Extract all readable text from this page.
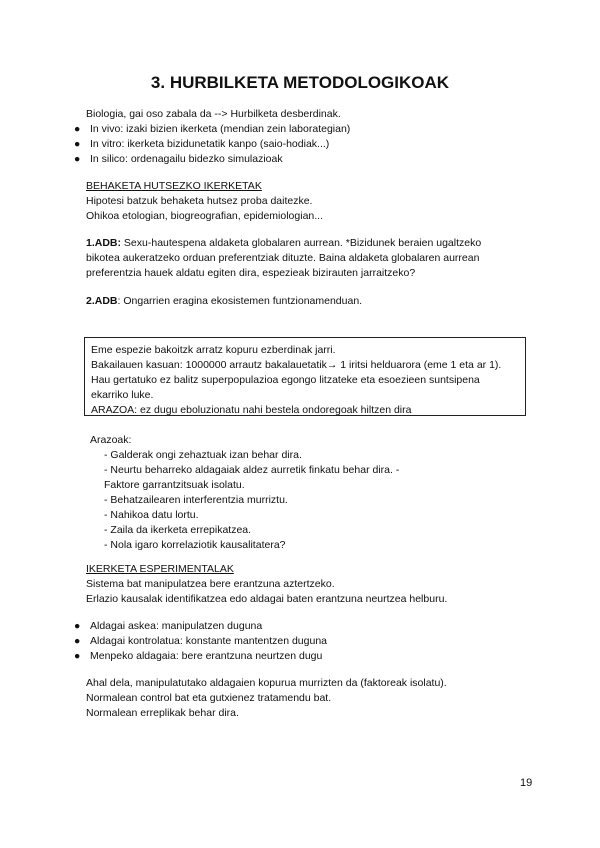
3. HURBILKETA METODOLOGIKOAK
Biologia, gai oso zabala da --> Hurbilketa desberdinak.
● In vivo: izaki bizien ikerketa (mendian zein laborategian)
● In vitro: ikerketa bizidunetatik kanpo (saio-hodiak...)
● In silico: ordenagailu bidezko simulazioak
BEHAKETA HUTSEZKO IKERKETAK
Hipotesi batzuk behaketa hutsez proba daitezke.
Ohikoa etologian, biogreografian, epidemiologian...
1.ADB: Sexu-hautespena aldaketa globalaren aurrean. *Bizidunek beraien ugaltzeko
bikotea aukeratzeko orduan preferentziak dituzte. Baina aldaketa globalaren aurrean
preferentzia hauek aldatu egiten dira, espezieak bizirauten jarraitzeko?
2.ADB: Ongarrien eragina ekosistemen funtzionamenduan.
Eme espezie bakoitzk arratz kopuru ezberdinak jarri.
Bakailauen kasuan: 1000000 arrautz bakalauetatik→ 1 iritsi helduarora (eme 1 eta ar 1).
Hau gertatuko ez balitz superpopulazioa egongo litzateke eta esoezieen suntsipena
ekarriko luke.
ARAZOA: ez dugu eboluzionatu nahi bestela ondoregoak hiltzen dira
Arazoak:
- Galderak ongi zehaztuak izan behar dira.
- Neurtu beharreko aldagaiak aldez aurretik finkatu behar dira. -
Faktore garrantzitsuak isolatu.
- Behatzailearen interferentzia murriztu.
- Nahikoa datu lortu.
- Zaila da ikerketa errepikatzea.
- Nola igaro korrelaziotik kausalitatera?
IKERKETA ESPERIMENTALAK
Sistema bat manipulatzea bere erantzuna aztertzeko.
Erlazio kausalak identifikatzea edo aldagai baten erantzuna neurtzea helburu.
● Aldagai askea: manipulatzen duguna
● Aldagai kontrolatua: konstante mantentzen duguna
● Menpeko aldagaia: bere erantzuna neurtzen dugu
Ahal dela, manipulatutako aldagaien kopurua murrizten da (faktoreak isolatu).
Normalean control bat eta gutxienez tratamendu bat.
Normalean erreplikak behar dira.
19
